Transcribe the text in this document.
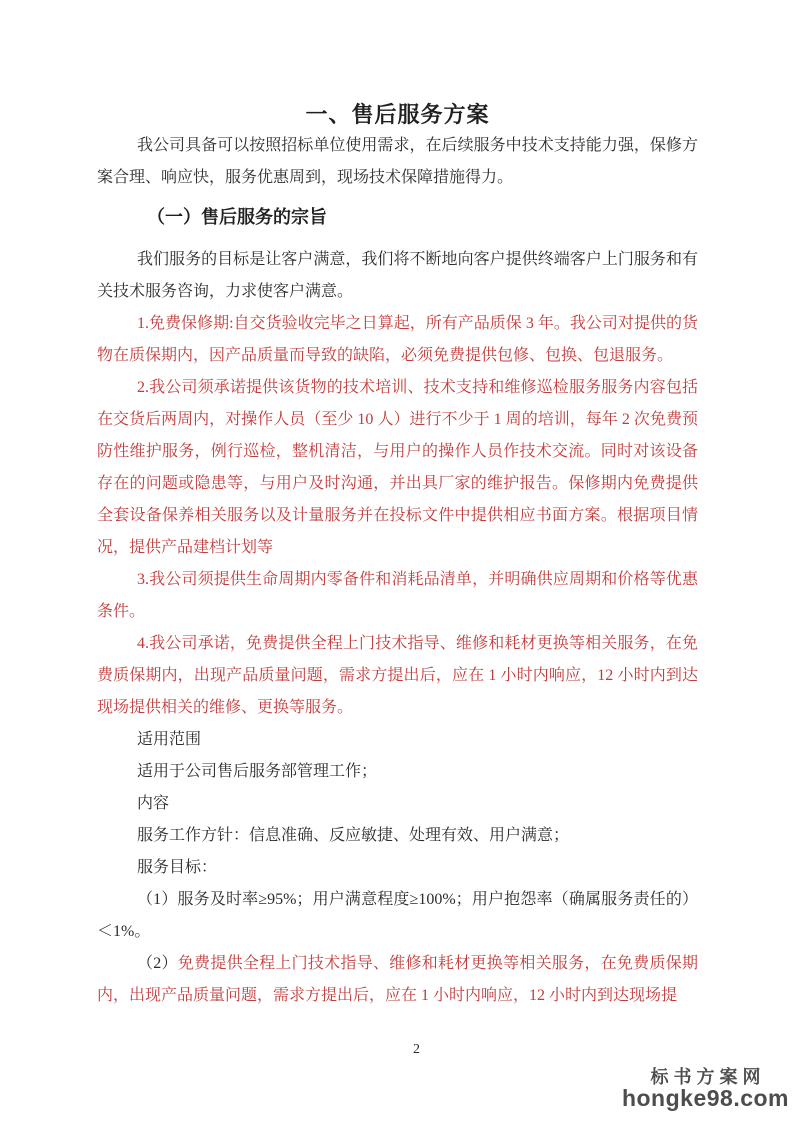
一、售后服务方案

我公司具备可以按照招标单位使用需求，在后续服务中技术支持能力强，保修方案合理、响应快，服务优惠周到，现场技术保障措施得力。

（一）售后服务的宗旨

我们服务的目标是让客户满意，我们将不断地向客户提供终端客户上门服务和有关技术服务咨询，力求使客户满意。

1.免费保修期:自交货验收完毕之日算起，所有产品质保 3 年。我公司对提供的货物在质保期内，因产品质量而导致的缺陷，必须免费提供包修、包换、包退服务。

2.我公司须承诺提供该货物的技术培训、技术支持和维修巡检服务服务内容包括在交货后两周内，对操作人员（至少 10 人）进行不少于 1 周的培训，每年 2 次免费预防性维护服务，例行巡检，整机清洁，与用户的操作人员作技术交流。同时对该设备存在的问题或隐患等，与用户及时沟通，并出具厂家的维护报告。保修期内免费提供全套设备保养相关服务以及计量服务并在投标文件中提供相应书面方案。根据项目情况，提供产品建档计划等

3.我公司须提供生命周期内零备件和消耗品清单，并明确供应周期和价格等优惠条件。

4.我公司承诺，免费提供全程上门技术指导、维修和耗材更换等相关服务，在免费质保期内，出现产品质量问题，需求方提出后，应在 1 小时内响应，12 小时内到达现场提供相关的维修、更换等服务。

适用范围

适用于公司售后服务部管理工作；

内容

服务工作方针：信息准确、反应敏捷、处理有效、用户满意；

服务目标：

（1）服务及时率≥95%；用户满意程度≥100%；用户抱怨率（确属服务责任的）＜1%。

（2）免费提供全程上门技术指导、维修和耗材更换等相关服务，在免费质保期内，出现产品质量问题，需求方提出后，应在 1 小时内响应，12 小时内到达现场提

2
标书方案网
hongke98.com
